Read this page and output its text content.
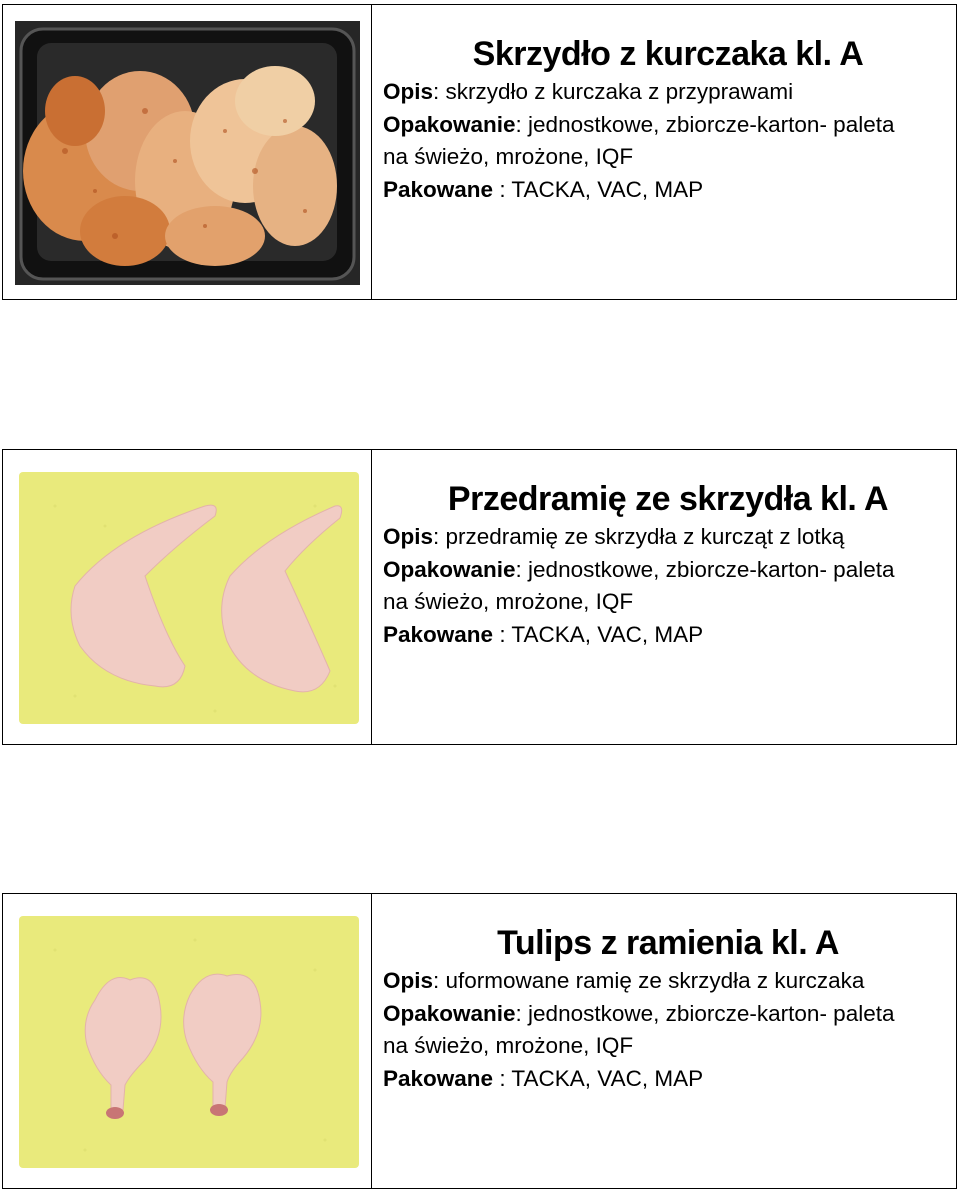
Skrzydło z kurczaka kl. A

Opis: skrzydło z kurczaka z przyprawami

Opakowanie: jednostkowe, zbiorcze-karton- paleta

na świeżo, mrożone, IQF

Pakowane : TACKA, VAC, MAP

Przedramię ze skrzydła kl. A

Opis: przedramię ze skrzydła z kurcząt z lotką

Opakowanie: jednostkowe, zbiorcze-karton- paleta

na świeżo, mrożone, IQF

Pakowane : TACKA, VAC, MAP

Tulips z ramienia kl. A

Opis: uformowane ramię ze skrzydła z kurczaka

Opakowanie: jednostkowe, zbiorcze-karton- paleta

na świeżo, mrożone, IQF

Pakowane : TACKA, VAC, MAP
